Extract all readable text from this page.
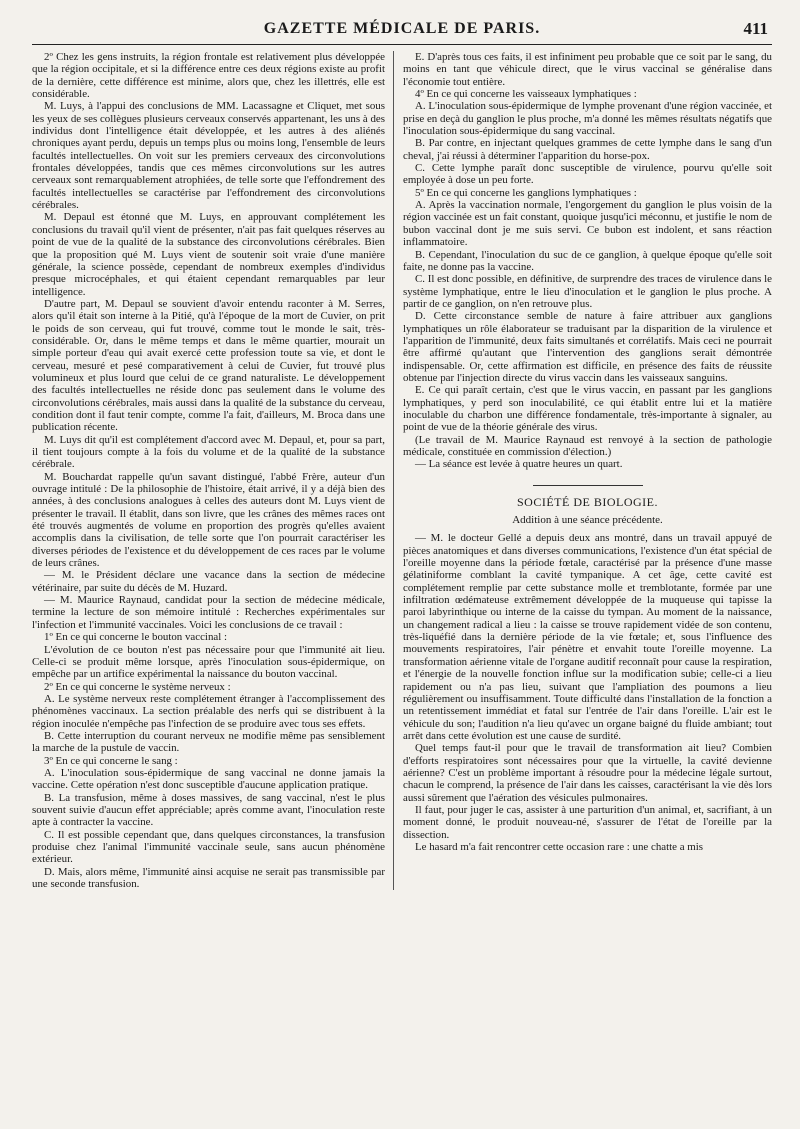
GAZETTE MÉDICALE DE PARIS.	411

2º Chez les gens instruits, la région frontale est relativement plus développée que la région occipitale, et si la différence entre ces deux régions existe au profit de la dernière, cette différence est minime, alors que, chez les illettrés, elle est considérable.

M. Luys, à l'appui des conclusions de MM. Lacassagne et Cliquet, met sous les yeux de ses collègues plusieurs cerveaux conservés appartenant, les uns à des individus dont l'intelligence était développée, et les autres à des aliénés chroniques ayant perdu, depuis un temps plus ou moins long, l'ensemble de leurs facultés intellectuelles. On voit sur les premiers cerveaux des circonvolutions frontales développées, tandis que ces mêmes circonvolutions sur les autres cerveaux sont remarquablement atrophiées, de telle sorte que l'effondrement des facultés intellectuelles se caractérise par l'effondrement des circonvolutions cérébrales.

M. Depaul est étonné que M. Luys, en approuvant complétement les conclusions du travail qu'il vient de présenter, n'ait pas fait quelques réserves au point de vue de la qualité de la substance des circonvolutions cérébrales. Bien que la proposition qué M. Luys vient de soutenir soit vraie d'une manière générale, la science possède, cependant de nombreux exemples d'individus presque microcéphales, et qui étaient cependant remarquables par leur intelligence.

D'autre part, M. Depaul se souvient d'avoir entendu raconter à M. Serres, alors qu'il était son interne à la Pitié, qu'à l'époque de la mort de Cuvier, on prit le poids de son cerveau, qui fut trouvé, comme tout le monde le sait, très-considérable. Or, dans le même temps et dans le même quartier, mourait un simple porteur d'eau qui avait exercé cette profession toute sa vie, et dont le cerveau, mesuré et pesé comparativement à celui de Cuvier, fut trouvé plus volumineux et plus lourd que celui de ce grand naturaliste. Le développement des facultés intellectuelles ne réside donc pas seulement dans le volume des circonvolutions cérébrales, mais aussi dans la qualité de la substance du cerveau, condition dont il faut tenir compte, comme l'a fait, d'ailleurs, M. Broca dans une publication récente.

M. Luys dit qu'il est complétement d'accord avec M. Depaul, et, pour sa part, il tient toujours compte à la fois du volume et de la qualité de la substance cérébrale.

M. Bouchardat rappelle qu'un savant distingué, l'abbé Frère, auteur d'un ouvrage intitulé : De la philosophie de l'histoire, était arrivé, il y a déjà bien des années, à des conclusions analogues à celles des auteurs dont M. Luys vient de présenter le travail. Il établit, dans son livre, que les crânes des mêmes races ont été trouvés augmentés de volume en proportion des progrès qu'elles avaient accomplis dans la civilisation, de telle sorte que l'on pourrait caractériser les diverses périodes de l'existence et du développement de ces races par le volume de leurs crânes.

— M. le Président déclare une vacance dans la section de médecine vétérinaire, par suite du décès de M. Huzard.

— M. Maurice Raynaud, candidat pour la section de médecine médicale, termine la lecture de son mémoire intitulé : Recherches expérimentales sur l'infection et l'immunité vaccinales. Voici les conclusions de ce travail :

1º En ce qui concerne le bouton vaccinal :

L'évolution de ce bouton n'est pas nécessaire pour que l'immunité ait lieu. Celle-ci se produit même lorsque, après l'inoculation sous-épidermique, on empêche par un artifice expérimental la naissance du bouton vaccinal.

2º En ce qui concerne le système nerveux :

A. Le système nerveux reste complétement étranger à l'accomplissement des phénomènes vaccinaux. La section préalable des nerfs qui se distribuent à la région inoculée n'empêche pas l'infection de se produire avec tous ses effets.

B. Cette interruption du courant nerveux ne modifie même pas sensiblement la marche de la pustule de vaccin.

3º En ce qui concerne le sang :

A. L'inoculation sous-épidermique de sang vaccinal ne donne jamais la vaccine. Cette opération n'est donc susceptible d'aucune application pratique.

B. La transfusion, même à doses massives, de sang vaccinal, n'est le plus souvent suivie d'aucun effet appréciable; après comme avant, l'inoculation reste apte à contracter la vaccine.

C. Il est possible cependant que, dans quelques circonstances, la transfusion produise chez l'animal l'immunité vaccinale seule, sans aucun phénomène extérieur.

D. Mais, alors même, l'immunité ainsi acquise ne serait pas transmissible par une seconde transfusion.

E. D'après tous ces faits, il est infiniment peu probable que ce soit par le sang, du moins en tant que véhicule direct, que le virus vaccinal se généralise dans l'économie tout entière.

4º En ce qui concerne les vaisseaux lymphatiques :

A. L'inoculation sous-épidermique de lymphe provenant d'une région vaccinée, et prise en deçà du ganglion le plus proche, m'a donné les mêmes résultats négatifs que l'inoculation sous-épidermique du sang vaccinal.

B. Par contre, en injectant quelques grammes de cette lymphe dans le sang d'un cheval, j'ai réussi à déterminer l'apparition du horse-pox.

C. Cette lymphe paraît donc susceptible de virulence, pourvu qu'elle soit employée à dose un peu forte.

5º En ce qui concerne les ganglions lymphatiques :

A. Après la vaccination normale, l'engorgement du ganglion le plus voisin de la région vaccinée est un fait constant, quoique jusqu'ici méconnu, et justifie le nom de bubon vaccinal dont je me suis servi. Ce bubon est indolent, et sans réaction inflammatoire.

B. Cependant, l'inoculation du suc de ce ganglion, à quelque époque qu'elle soit faite, ne donne pas la vaccine.

C. Il est donc possible, en définitive, de surprendre des traces de virulence dans le système lymphatique, entre le lieu d'inoculation et le ganglion le plus proche. A partir de ce ganglion, on n'en retrouve plus.

D. Cette circonstance semble de nature à faire attribuer aux ganglions lymphatiques un rôle élaborateur se traduisant par la disparition de la virulence et l'apparition de l'immunité, deux faits simultanés et corrélatifs. Mais ceci ne pourrait être affirmé qu'autant que l'intervention des ganglions serait démontrée indispensable. Or, cette affirmation est difficile, en présence des faits de réussite obtenue par l'injection directe du virus vaccin dans les vaisseaux sanguins.

E. Ce qui paraît certain, c'est que le virus vaccin, en passant par les ganglions lymphatiques, y perd son inoculabilité, ce qui établit entre lui et la matière inoculable du charbon une différence fondamentale, très-importante à signaler, au point de vue de la théorie générale des virus.

(Le travail de M. Maurice Raynaud est renvoyé à la section de pathologie médicale, constituée en commission d'élection.)

— La séance est levée à quatre heures un quart.

SOCIÉTÉ DE BIOLOGIE.
Addition à une séance précédente.

— M. le docteur Gellé a depuis deux ans montré, dans un travail appuyé de pièces anatomiques et dans diverses communications, l'existence d'un état spécial de l'oreille moyenne dans la période fœtale, caractérisé par la présence d'une masse gélatiniforme comblant la cavité tympanique. A cet âge, cette cavité est complétement remplie par cette substance molle et tremblotante, formée par une infiltration œdémateuse extrêmement développée de la muqueuse qui tapisse la paroi labyrinthique ou interne de la caisse du tympan. Au moment de la naissance, un changement radical a lieu : la caisse se trouve rapidement vidée de son contenu, très-liquéfié dans la dernière période de la vie fœtale; et, sous l'influence des mouvements respiratoires, l'air pénètre et envahit toute l'oreille moyenne. La transformation aérienne vitale de l'organe auditif reconnaît pour cause la respiration, et l'énergie de la nouvelle fonction influe sur la modification subie; celle-ci a lieu rapidement ou n'a pas lieu, suivant que l'ampliation des poumons a lieu régulièrement ou insuffisamment. Toute difficulté dans l'installation de la fonction a un retentissement immédiat et fatal sur l'entrée de l'air dans l'oreille. L'air est le véhicule du son; l'audition n'a lieu qu'avec un organe baigné du fluide ambiant; tout arrêt dans cette évolution est une cause de surdité.

Quel temps faut-il pour que le travail de transformation ait lieu? Combien d'efforts respiratoires sont nécessaires pour que la virtuelle, la cavité devienne aérienne? C'est un problème important à résoudre pour la médecine légale surtout, chacun le comprend, la présence de l'air dans les caisses, caractérisant la vie dès lors aussi sûrement que l'aération des vésicules pulmonaires.

Il faut, pour juger le cas, assister à une parturition d'un animal, et, sacrifiant, à un moment donné, le produit nouveau-né, s'assurer de l'état de l'oreille par la dissection.

Le hasard m'a fait rencontrer cette occasion rare : une chatte a mis
